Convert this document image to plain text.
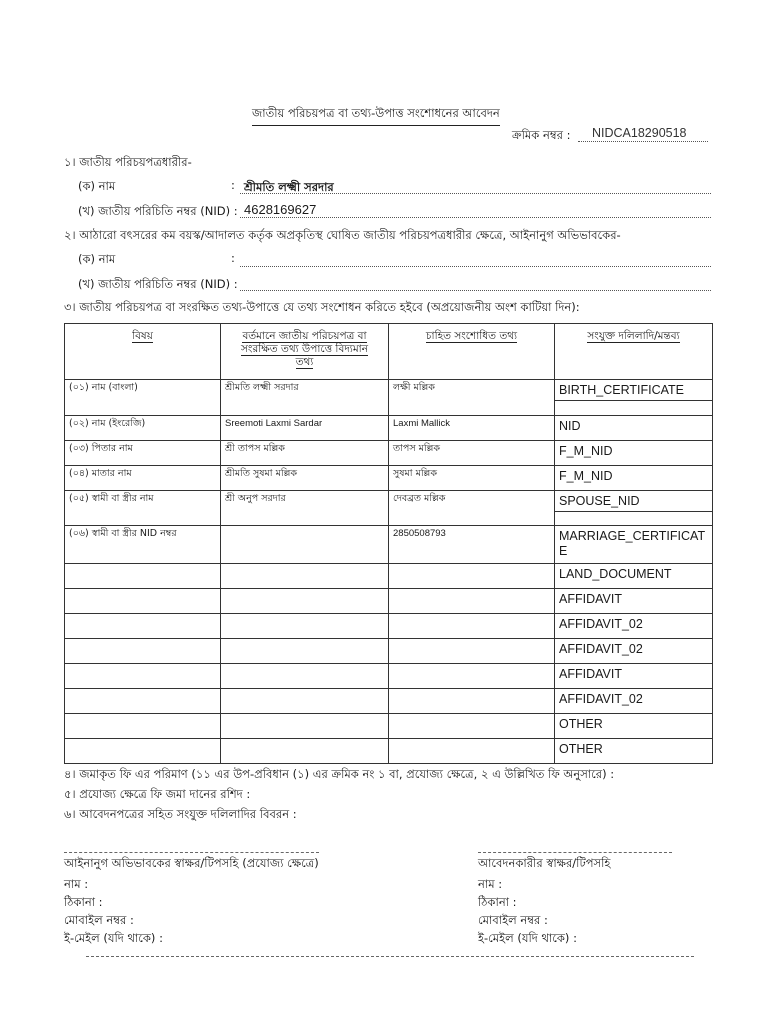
জাতীয় পরিচয়পত্র বা তথ্য-উপাত্ত সংশোধনের আবেদন
ক্রমিক নম্বর :	NIDCA18290518
১। জাতীয় পরিচয়পত্রধারীর-
(ক) নাম	: শ্রীমতি লক্ষ্মী সরদার
(খ) জাতীয় পরিচিতি নম্বর (NID) : 4628169627
২। আঠারো বৎসরের কম বয়স্ক/আদালত কর্তৃক অপ্রকৃতিস্থ ঘোষিত জাতীয় পরিচয়পত্রধারীর ক্ষেত্রে, আইনানুগ অভিভাবকের-
(ক) নাম	:
(খ) জাতীয় পরিচিতি নম্বর (NID) :
৩। জাতীয় পরিচয়পত্র বা সংরক্ষিত তথ্য-উপাত্তে যে তথ্য সংশোধন করিতে হইবে (অপ্রয়োজনীয় অংশ কাটিয়া দিন):
বিষয়	বর্তমানে জাতীয় পরিচয়পত্র বা সংরক্ষিত তথ্য উপাত্তে বিদ্যমান তথ্য	চাহিত সংশোধিত তথ্য	সংযুক্ত দলিলাদি/মন্তব্য
(০১) নাম (বাংলা)	শ্রীমতি লক্ষ্মী সরদার	লক্ষী মল্লিক	BIRTH_CERTIFICATE

(০২) নাম (ইংরেজি)	Sreemoti Laxmi Sardar	Laxmi Mallick	NID

(০৩) পিতার নাম	শ্রী তাপস মল্লিক	তাপস মল্লিক	F_M_NID

(০৪) মাতার নাম	শ্রীমতি সুষমা মল্লিক	সুষমা মল্লিক	F_M_NID

(০৫) স্বামী বা স্ত্রীর নাম	শ্রী অনুপ সরদার	দেবব্রত মল্লিক	SPOUSE_NID

(০৬) স্বামী বা স্ত্রীর NID নম্বর		2850508793	MARRIAGE_CERTIFICATE

			LAND_DOCUMENT

			AFFIDAVIT

			AFFIDAVIT_02

			AFFIDAVIT_02

			AFFIDAVIT

			AFFIDAVIT_02

			OTHER

			OTHER
৪। জমাকৃত ফি এর পরিমাণ (১১ এর উপ-প্রবিধান (১) এর ক্রমিক নং ১ বা, প্রযোজ্য ক্ষেত্রে, ২ এ উল্লিখিত ফি অনুসারে) :
৫। প্রযোজ্য ক্ষেত্রে ফি জমা দানের রশিদ :
৬। আবেদনপত্রের সহিত সংযুক্ত দলিলাদির বিবরন :
আইনানুগ অভিভাবকের স্বাক্ষর/টিপসহি (প্রযোজ্য ক্ষেত্রে)
নাম :
ঠিকানা :
মোবাইল নম্বর :
ই-মেইল (যদি থাকে) :
আবেদনকারীর স্বাক্ষর/টিপসহি
নাম :
ঠিকানা :
মোবাইল নম্বর :
ই-মেইল (যদি থাকে) :
